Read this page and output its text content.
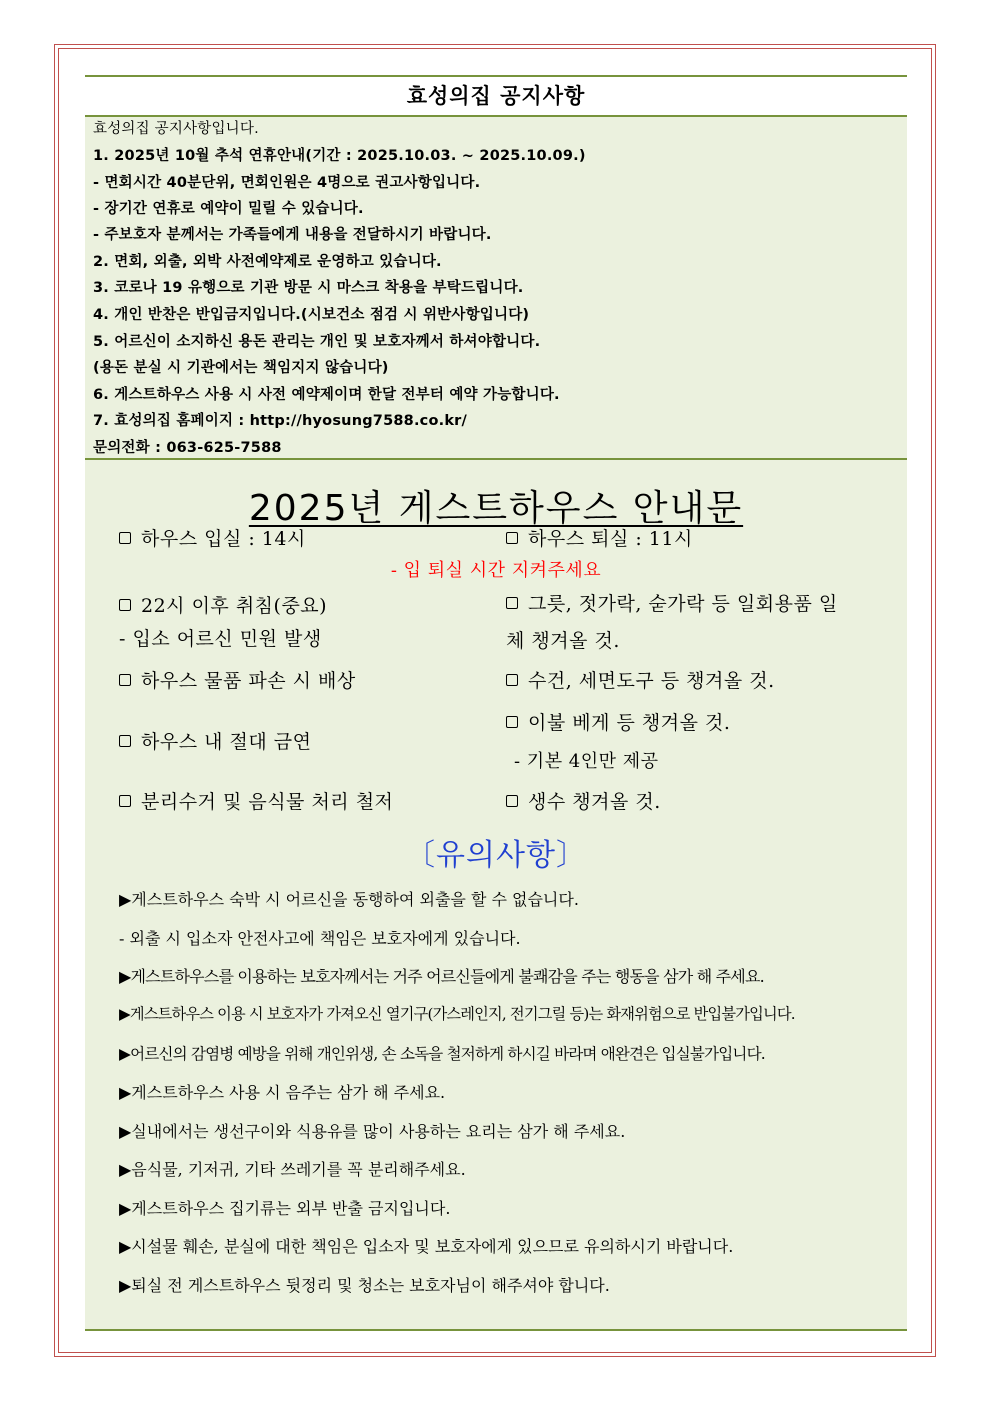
효성의집 공지사항
효성의집 공지사항입니다.
1. 2025년 10월 추석 연휴안내(기간 : 2025.10.03. ~ 2025.10.09.)
- 면회시간 40분단위, 면회인원은 4명으로 권고사항입니다.
- 장기간 연휴로 예약이 밀릴 수 있습니다.
- 주보호자 분께서는 가족들에게 내용을 전달하시기 바랍니다.
2. 면회, 외출, 외박 사전예약제로 운영하고 있습니다.
3. 코로나 19 유행으로 기관 방문 시 마스크 착용을 부탁드립니다.
4. 개인 반찬은 반입금지입니다.(시보건소 점검 시 위반사항입니다)
5. 어르신이 소지하신 용돈 관리는 개인 및 보호자께서 하셔야합니다.
(용돈 분실 시 기관에서는 책임지지 않습니다)
6. 게스트하우스 사용 시 사전 예약제이며 한달 전부터 예약 가능합니다.
7. 효성의집 홈페이지 : http://hyosung7588.co.kr/
문의전화 : 063-625-7588
2025년 게스트하우스 안내문
하우스 입실 : 14시	하우스 퇴실 : 11시
- 입 퇴실 시간 지켜주세요
22시 이후 취침(중요)
- 입소 어르신 민원 발생
하우스 물품 파손 시 배상
하우스 내 절대 금연
분리수거 및 음식물 처리 철저
그릇, 젓가락, 숟가락 등 일회용품 일
체 챙겨올 것.
수건, 세면도구 등 챙겨올 것.
이불 베게 등 챙겨올 것.
- 기본 4인만 제공
생수 챙겨올 것.
〔유의사항〕
▶게스트하우스 숙박 시 어르신을 동행하여 외출을 할 수 없습니다.
- 외출 시 입소자 안전사고에 책임은 보호자에게 있습니다.
▶게스트하우스를 이용하는 보호자께서는 거주 어르신들에게 불쾌감을 주는 행동을 삼가 해 주세요.
▶게스트하우스 이용 시 보호자가 가져오신 열기구(가스레인지, 전기그릴 등)는 화재위험으로 반입불가입니다.
▶어르신의 감염병 예방을 위해 개인위생, 손 소독을 철저하게 하시길 바라며 애완견은 입실불가입니다.
▶게스트하우스 사용 시 음주는 삼가 해 주세요.
▶실내에서는 생선구이와 식용유를 많이 사용하는 요리는 삼가 해 주세요.
▶음식물, 기저귀, 기타 쓰레기를 꼭 분리해주세요.
▶게스트하우스 집기류는 외부 반출 금지입니다.
▶시설물 훼손, 분실에 대한 책임은 입소자 및 보호자에게 있으므로 유의하시기 바랍니다.
▶퇴실 전 게스트하우스 뒷정리 및 청소는 보호자님이 해주셔야 합니다.
